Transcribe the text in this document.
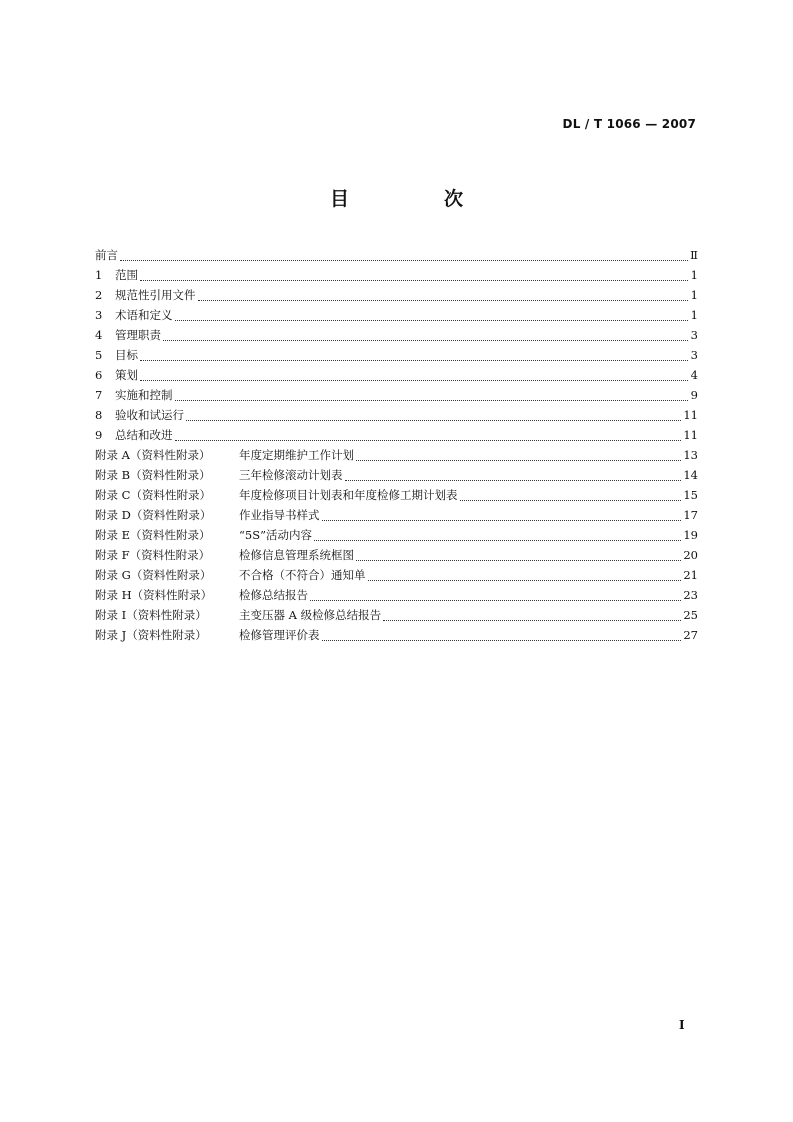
DL / T 1066 — 2007
目　次
前言	Ⅱ
1	范围	1
2	规范性引用文件	1
3	术语和定义	1
4	管理职责	3
5	目标	3
6	策划	4
7	实施和控制	9
8	验收和试运行	11
9	总结和改进	11
附录 A（资料性附录）	年度定期维护工作计划	13
附录 B（资料性附录）	三年检修滚动计划表	14
附录 C（资料性附录）	年度检修项目计划表和年度检修工期计划表	15
附录 D（资料性附录）	作业指导书样式	17
附录 E（资料性附录）	“5S”活动内容	19
附录 F（资料性附录）	检修信息管理系统框图	20
附录 G（资料性附录）	不合格（不符合）通知单	21
附录 H（资料性附录）	检修总结报告	23
附录 I（资料性附录）	主变压器 A 级检修总结报告	25
附录 J（资料性附录）	检修管理评价表	27
I
